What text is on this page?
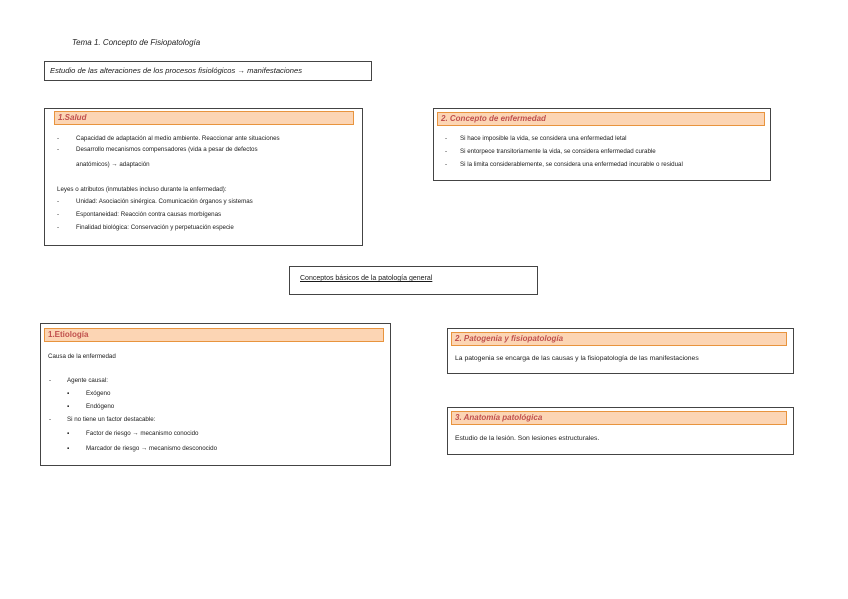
Tema 1. Concepto de Fisiopatología
Estudio de las alteraciones de los procesos fisiológicos → manifestaciones
1.Salud
-	Capacidad de adaptación al medio ambiente. Reaccionar ante situaciones
-	Desarrollo mecanismos compensadores (vida a pesar de defectos
anatómicos) → adaptación
Leyes o atributos (inmutables incluso durante la enfermedad):
-	Unidad: Asociación sinérgica. Comunicación órganos y sistemas
-	Espontaneidad: Reacción contra causas morbígenas
-	Finalidad biológica: Conservación y perpetuación especie
2. Concepto de enfermedad
- Si hace imposible la vida, se considera una enfermedad letal
- Si entorpece transitoriamente la vida, se considera enfermedad curable
- Si la limita considerablemente, se considera una enfermedad incurable o residual
Conceptos básicos de la patología general
1.Etiología
Causa de la enfermedad
-	Agente causal:
▪	Exógeno
▪	Endógeno
-	Si no tiene un factor destacable:
▪	Factor de riesgo → mecanismo conocido
▪	Marcador de riesgo → mecanismo desconocido
2. Patogenia y fisiopatología
La patogenia se encarga de las causas y la fisiopatología de las manifestaciones
3. Anatomía patológica
Estudio de la lesión. Son lesiones estructurales.
